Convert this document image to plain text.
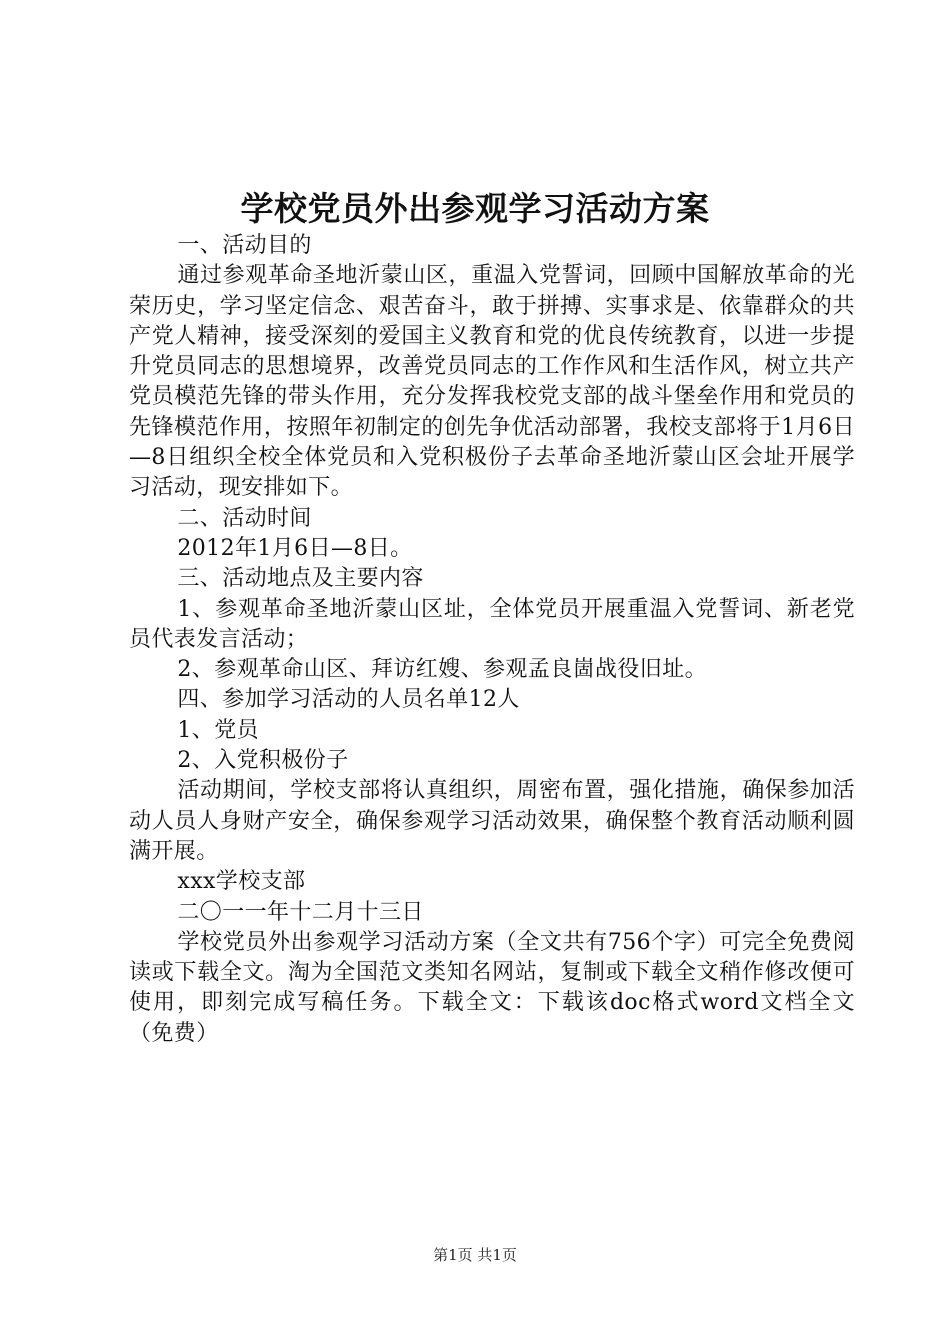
学校党员外出参观学习活动方案

一、活动目的

通过参观革命圣地沂蒙山区，重温入党誓词，回顾中国解放革命的光荣历史，学习坚定信念、艰苦奋斗，敢于拼搏、实事求是、依靠群众的共产党人精神，接受深刻的爱国主义教育和党的优良传统教育，以进一步提升党员同志的思想境界，改善党员同志的工作作风和生活作风，树立共产党员模范先锋的带头作用，充分发挥我校党支部的战斗堡垒作用和党员的先锋模范作用，按照年初制定的创先争优活动部署，我校支部将于1月6日—8日组织全校全体党员和入党积极份子去革命圣地沂蒙山区会址开展学习活动，现安排如下。

二、活动时间

2012年1月6日—8日。

三、活动地点及主要内容

1、参观革命圣地沂蒙山区址，全体党员开展重温入党誓词、新老党员代表发言活动；

2、参观革命山区、拜访红嫂、参观孟良崮战役旧址。

四、参加学习活动的人员名单12人

1、党员

2、入党积极份子

活动期间，学校支部将认真组织，周密布置，强化措施，确保参加活动人员人身财产安全，确保参观学习活动效果，确保整个教育活动顺利圆满开展。

xxx学校支部

二〇一一年十二月十三日

学校党员外出参观学习活动方案（全文共有756个字）可完全免费阅读或下载全文。淘为全国范文类知名网站，复制或下载全文稍作修改便可使用，即刻完成写稿任务。下载全文：下载该doc格式word文档全文（免费）

第1页 共1页
